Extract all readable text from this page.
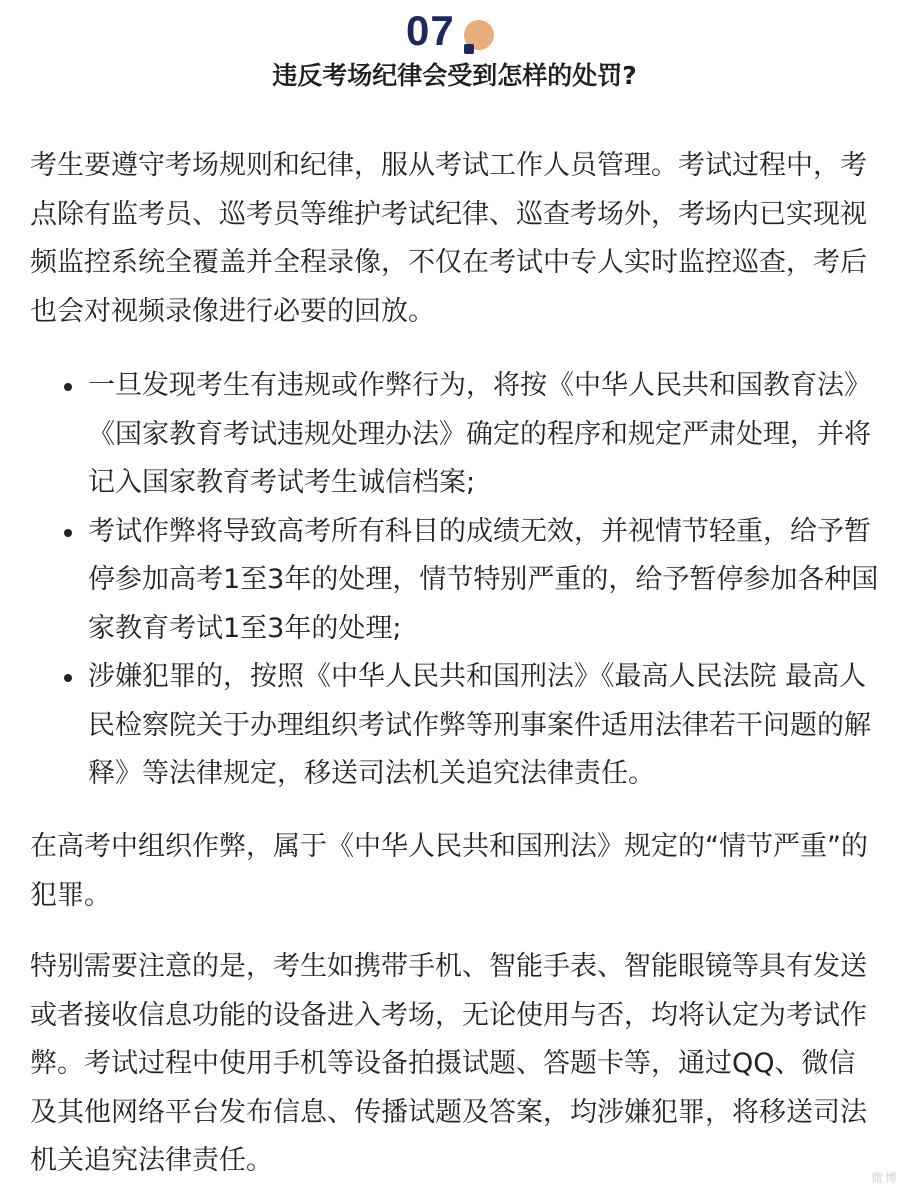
07
违反考场纪律会受到怎样的处罚?

考生要遵守考场规则和纪律，服从考试工作人员管理。考试过程中，考点除有监考员、巡考员等维护考试纪律、巡查考场外，考场内已实现视频监控系统全覆盖并全程录像，不仅在考试中专人实时监控巡查，考后也会对视频录像进行必要的回放。

一旦发现考生有违规或作弊行为，将按《中华人民共和国教育法》《国家教育考试违规处理办法》确定的程序和规定严肃处理，并将记入国家教育考试考生诚信档案;
考试作弊将导致高考所有科目的成绩无效，并视情节轻重，给予暂停参加高考1至3年的处理，情节特别严重的，给予暂停参加各种国家教育考试1至3年的处理;
涉嫌犯罪的，按照《中华人民共和国刑法》《最高人民法院 最高人民检察院关于办理组织考试作弊等刑事案件适用法律若干问题的解释》等法律规定，移送司法机关追究法律责任。

在高考中组织作弊，属于《中华人民共和国刑法》规定的“情节严重”的犯罪。

特别需要注意的是，考生如携带手机、智能手表、智能眼镜等具有发送或者接收信息功能的设备进入考场，无论使用与否，均将认定为考试作弊。考试过程中使用手机等设备拍摄试题、答题卡等，通过QQ、微信及其他网络平台发布信息、传播试题及答案，均涉嫌犯罪，将移送司法机关追究法律责任。

微博
